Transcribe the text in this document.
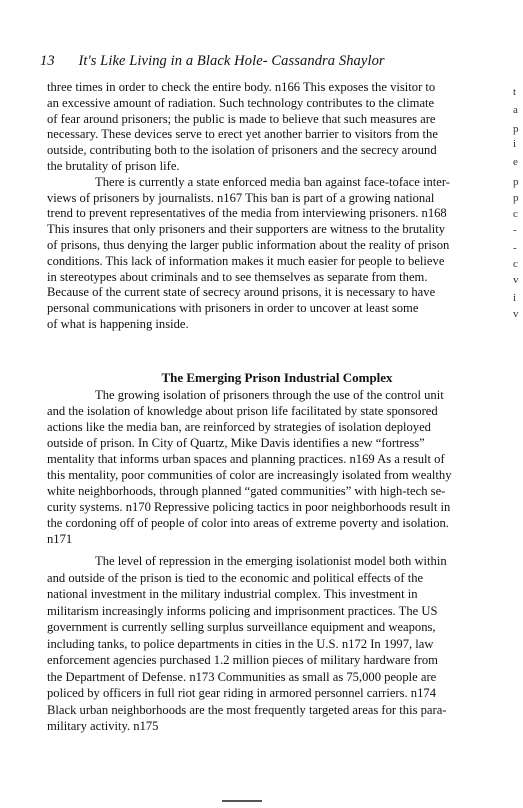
13 It's Like Living in a Black Hole- Cassandra Shaylor
three times in order to check the entire body. n166 This exposes the visitor to
an excessive amount of radiation. Such technology contributes to the climate
of fear around prisoners; the public is made to believe that such measures are
necessary. These devices serve to erect yet another barrier to visitors from the
outside, contributing both to the isolation of prisoners and the secrecy around
the brutality of prison life.
There is currently a state enforced media ban against face-toface inter-
views of prisoners by journalists. n167 This ban is part of a growing national
trend to prevent representatives of the media from interviewing prisoners. n168
This insures that only prisoners and their supporters are witness to the brutality
of prisons, thus denying the larger public information about the reality of prison
conditions. This lack of information makes it much easier for people to believe
in stereotypes about criminals and to see themselves as separate from them.
Because of the current state of secrecy around prisons, it is necessary to have
personal communications with prisoners in order to uncover at least some
of what is happening inside.
The Emerging Prison Industrial Complex
The growing isolation of prisoners through the use of the control unit
and the isolation of knowledge about prison life facilitated by state sponsored
actions like the media ban, are reinforced by strategies of isolation deployed
outside of prison. In City of Quartz, Mike Davis identifies a new “fortress”
mentality that informs urban spaces and planning practices. n169 As a result of
this mentality, poor communities of color are increasingly isolated from wealthy
white neighborhoods, through planned “gated communities” with high-tech se-
curity systems. n170 Repressive policing tactics in poor neighborhoods result in
the cordoning off of people of color into areas of extreme poverty and isolation.
n171
The level of repression in the emerging isolationist model both within
and outside of the prison is tied to the economic and political effects of the
national investment in the military industrial complex. This investment in
militarism increasingly informs policing and imprisonment practices. The US
government is currently selling surplus surveillance equipment and weapons,
including tanks, to police departments in cities in the U.S. n172 In 1997, law
enforcement agencies purchased 1.2 million pieces of military hardware from
the Department of Defense. n173 Communities as small as 75,000 people are
policed by officers in full riot gear riding in armored personnel carriers. n174
Black urban neighborhoods are the most frequently targeted areas for this para-
military activity. n175
t
a
p
i
e
p
p
c
-
-
c
v
i
v
